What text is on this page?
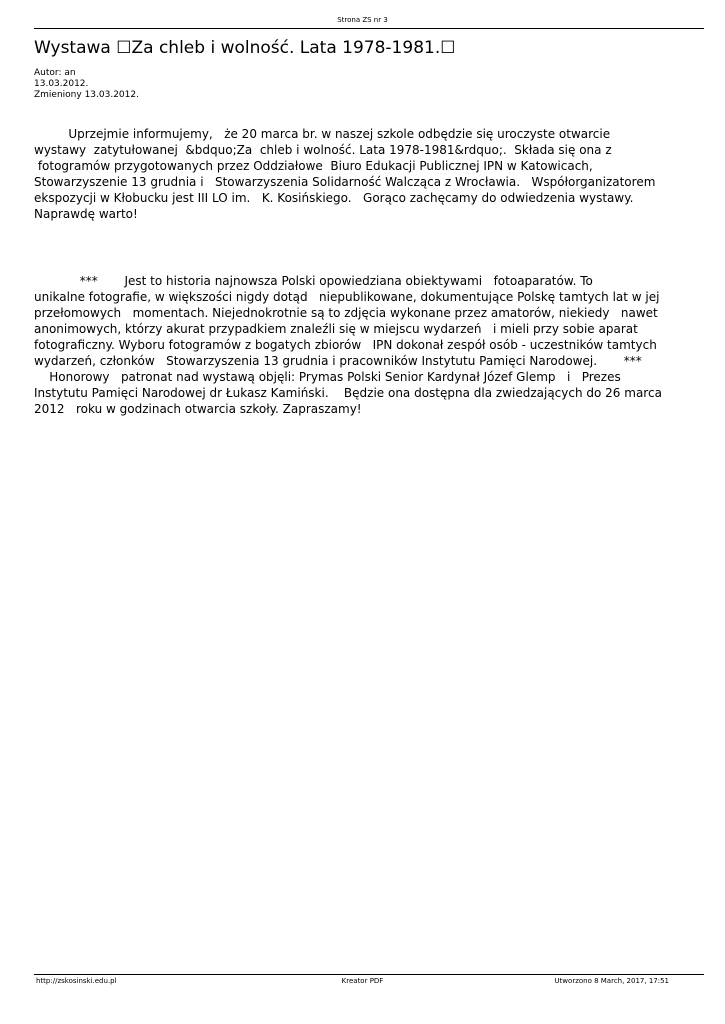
Strona ZS nr 3
Wystawa ☐Za chleb i wolność. Lata 1978-1981.☐
Autor: an
13.03.2012.
Zmieniony 13.03.2012.
Uprzejmie informujemy,   że 20 marca br. w naszej szkole odbędzie się uroczyste otwarcie
wystawy  zatytułowanej  &bdquo;Za  chleb i wolność. Lata 1978-1981&rdquo;.  Składa się ona z
fotogramów przygotowanych przez Oddziałowe  Biuro Edukacji Publicznej IPN w Katowicach,
Stowarzyszenie 13 grudnia i   Stowarzyszenia Solidarność Walcząca z Wrocławia.   Współorganizatorem
ekspozycji w Kłobucku jest III LO im.   K. Kosińskiego.   Gorąco zachęcamy do odwiedzenia wystawy.
Naprawdę warto!
***       Jest to historia najnowsza Polski opowiedziana obiektywami   fotoaparatów. To
unikalne fotografie, w większości nigdy dotąd   niepublikowane, dokumentujące Polskę tamtych lat w jej
przełomowych   momentach. Niejednokrotnie są to zdjęcia wykonane przez amatorów, niekiedy   nawet
anonimowych, którzy akurat przypadkiem znaleźli się w miejscu wydarzeń   i mieli przy sobie aparat
fotograficzny. Wyboru fotogramów z bogatych zbiorów   IPN dokonał zespół osób - uczestników tamtych
wydarzeń, członków   Stowarzyszenia 13 grudnia i pracowników Instytutu Pamięci Narodowej.       ***
Honorowy   patronat nad wystawą objęli: Prymas Polski Senior Kardynał Józef Glemp   i   Prezes
Instytutu Pamięci Narodowej dr Łukasz Kamiński.    Będzie ona dostępna dla zwiedzających do 26 marca
2012   roku w godzinach otwarcia szkoły. Zapraszamy!
http://zskosinski.edu.pl	Kreator PDF	Utworzono 8 March, 2017, 17:51
